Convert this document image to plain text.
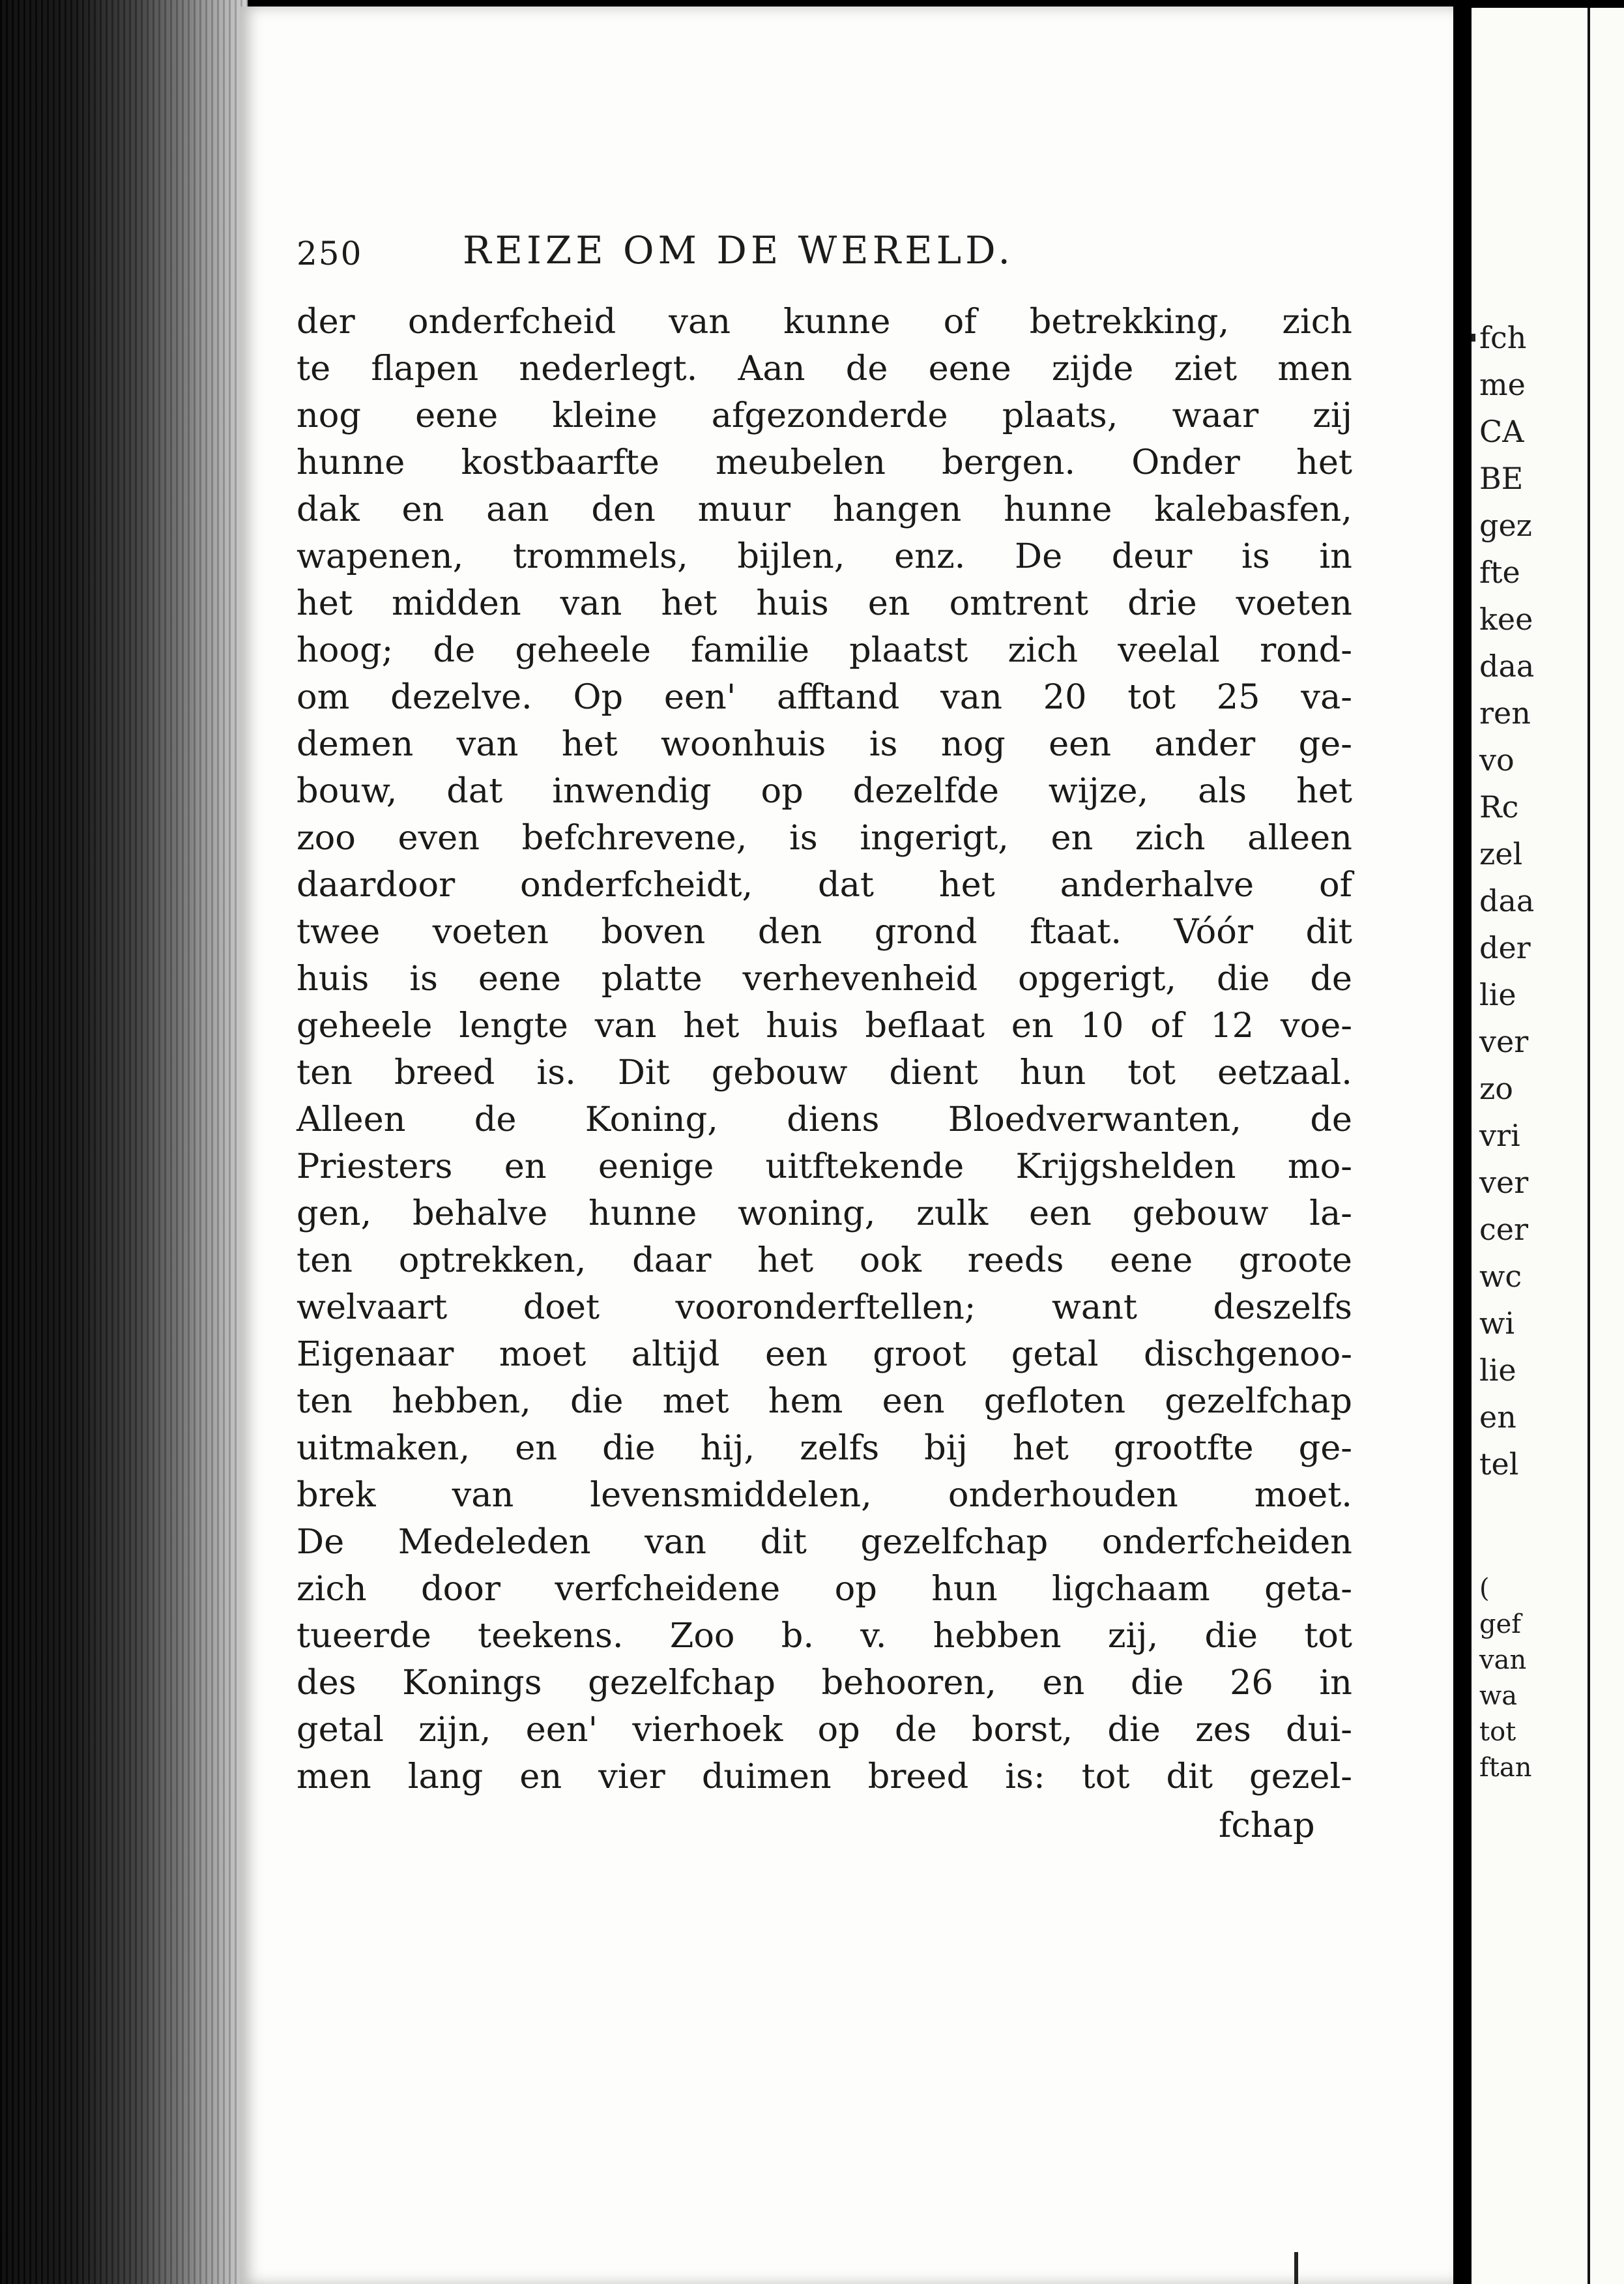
250	REIZE OM DE WERELD.
der onderfcheid van kunne of betrekking, zich
te flapen nederlegt. Aan de eene zijde ziet men
nog eene kleine afgezonderde plaats, waar zij
hunne kostbaarfte meubelen bergen. Onder het
dak en aan den muur hangen hunne kalebasfen,
wapenen, trommels, bijlen, enz. De deur is in
het midden van het huis en omtrent drie voeten
hoog; de geheele familie plaatst zich veelal rond-
om dezelve. Op een' afftand van 20 tot 25 va-
demen van het woonhuis is nog een ander ge-
bouw, dat inwendig op dezelfde wijze, als het
zoo even befchrevene, is ingerigt, en zich alleen
daardoor onderfcheidt, dat het anderhalve of
twee voeten boven den grond ftaat. Vóór dit
huis is eene platte verhevenheid opgerigt, die de
geheele lengte van het huis beflaat en 10 of 12 voe-
ten breed is. Dit gebouw dient hun tot eetzaal.
Alleen de Koning, diens Bloedverwanten, de
Priesters en eenige uitftekende Krijgshelden mo-
gen, behalve hunne woning, zulk een gebouw la-
ten optrekken, daar het ook reeds eene groote
welvaart doet vooronderftellen; want deszelfs
Eigenaar moet altijd een groot getal dischgenoo-
ten hebben, die met hem een gefloten gezelfchap
uitmaken, en die hij, zelfs bij het grootfte ge-
brek van levensmiddelen, onderhouden moet.
De Medeleden van dit gezelfchap onderfcheiden
zich door verfcheidene op hun ligchaam geta-
tueerde teekens. Zoo b. v. hebben zij, die tot
des Konings gezelfchap behooren, en die 26 in
getal zijn, een' vierhoek op de borst, die zes dui-
men lang en vier duimen breed is: tot dit gezel-
fchap
fch
me
CA
BE
gez
fte
kee
daa
ren
vo
Rc
zel
daa
der
lie
ver
zo
vri
ver
cer
wc
wi
lie
en
tel
(
gef
van
wa
tot
ftan
